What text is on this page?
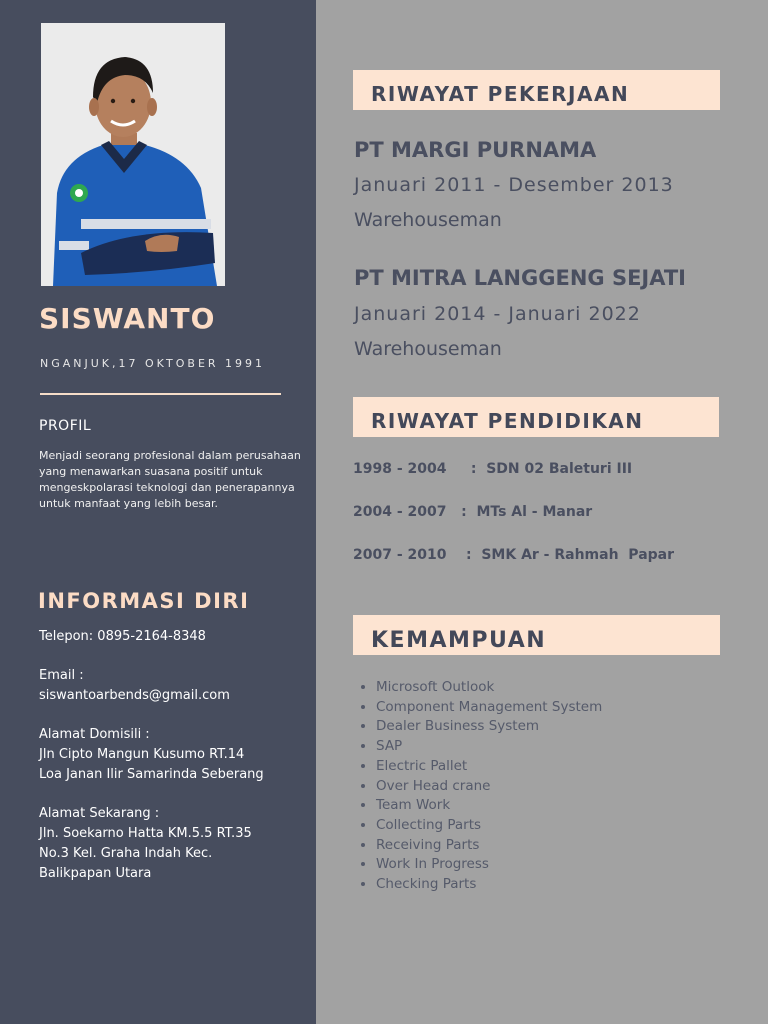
SISWANTO
NGANJUK,17 OKTOBER 1991
PROFIL

Menjadi seorang profesional dalam perusahaan yang menawarkan suasana positif untuk mengeskpolarasi teknologi dan penerapannya untuk manfaat yang lebih besar.

INFORMASI DIRI
Telepon: 0895-2164-8348
Email :
siswantoarbends@gmail.com
Alamat Domisili :
Jln Cipto Mangun Kusumo RT.14
Loa Janan Ilir Samarinda Seberang
Alamat Sekarang :
Jln. Soekarno Hatta KM.5.5 RT.35
No.3 Kel. Graha Indah Kec.
Balikpapan Utara
RIWAYAT PEKERJAAN
PT MARGI PURNAMA
Januari 2011 - Desember 2013
Warehouseman
PT MITRA LANGGENG SEJATI
Januari 2014 - Januari 2022
Warehouseman
RIWAYAT PENDIDIKAN
1998 - 2004     :  SDN 02 Baleturi III
2004 - 2007   :  MTs Al - Manar
2007 - 2010    :  SMK Ar - Rahmah  Papar
KEMAMPUAN
• Microsoft Outlook
• Component Management System
• Dealer Business System
• SAP
• Electric Pallet
• Over Head crane
• Team Work
• Collecting Parts
• Receiving Parts
• Work In Progress
• Checking Parts
